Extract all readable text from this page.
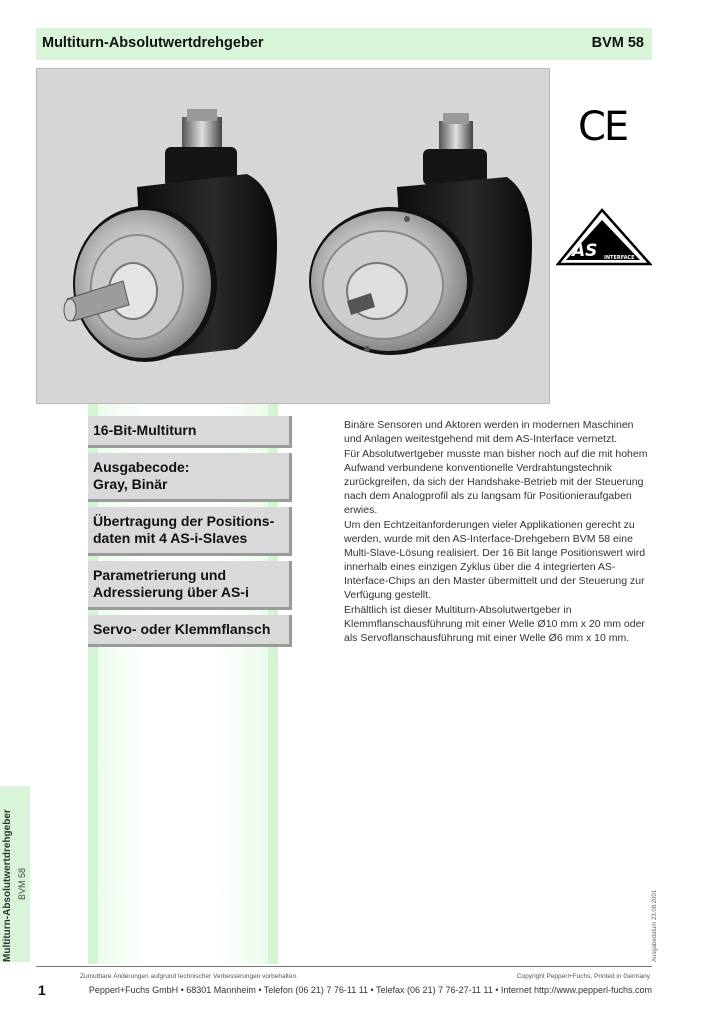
Multiturn-Absolutwertdrehgeber	BVM 58
CE
AS INTERFACE
16-Bit-Multiturn
Ausgabecode:
Gray, Binär
Übertragung der Positions-
daten mit 4 AS-i-Slaves
Parametrierung und
Adressierung über AS-i
Servo- oder Klemmflansch

Binäre Sensoren und Aktoren werden in modernen Maschinen und Anlagen weitestgehend mit dem AS-Interface vernetzt.

Für Absolutwertgeber musste man bisher noch auf die mit hohem Aufwand verbundene konventionelle Verdrahtungstechnik zurückgreifen, da sich der Handshake-Betrieb mit der Steuerung nach dem Analogprofil als zu langsam für Positionieraufgaben erwies.

Um den Echtzeitanforderungen vieler Applikationen gerecht zu werden, wurde mit den AS-Interface-Drehgebern BVM 58 eine Multi-Slave-Lösung realisiert. Der 16 Bit lange Positionswert wird innerhalb eines einzigen Zyklus über die 4 integrierten AS-Interface-Chips an den Master übermittelt und der Steuerung zur Verfügung gestellt.

Erhältlich ist dieser Multiturn-Absolutwertgeber in Klemmflanschausführung mit einer Welle Ø10 mm x 20 mm oder als Servoflanschausführung mit einer Welle Ø6 mm x 10 mm.

Multiturn-Absolutwertdrehgeber BVM 58
Ausgabedatum 23.08.2001
1
Zumutbare Änderungen aufgrund technischer Verbesserungen vorbehalten.	Copyright Pepperl+Fuchs, Printed in Germany
Pepperl+Fuchs GmbH • 68301 Mannheim • Telefon (06 21) 7 76-11 11 • Telefax (06 21) 7 76-27-11 11 • Internet http://www.pepperl-fuchs.com
